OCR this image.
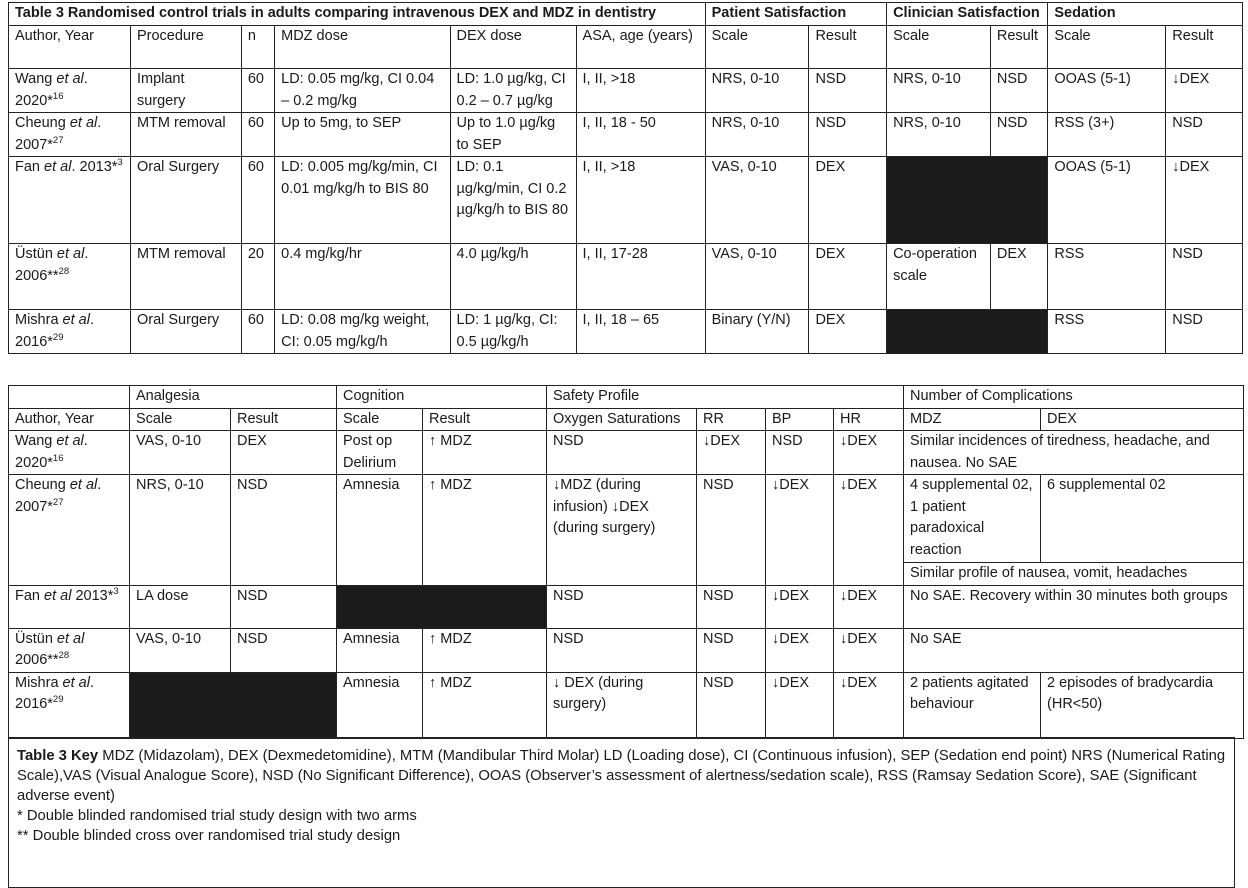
Table 3 Randomised control trials in adults comparing intravenous DEX and MDZ in dentistry						Patient Satisfaction		Clinician Satisfaction		Sedation	
Author, Year	Procedure	n	MDZ dose	DEX dose	ASA, age (years)	Scale	Result	Scale	Result	Scale	Result
Wang et al. 2020*$^{16}$	Implant surgery	60	LD: 0.05 mg/kg, CI 0.04 – 0.2 mg/kg	LD: 1.0 µg/kg, CI 0.2 – 0.7 µg/kg	I, II, >18	NRS, 0-10	NSD	NRS, 0-10	NSD	OOAS (5-1)	↓DEX
Cheung et al. 2007*$^{27}$	MTM removal	60	Up to 5mg, to SEP	Up to 1.0 µg/kg to SEP	I, II, 18 - 50	NRS, 0-10	NSD	NRS, 0-10	NSD	RSS (3+)	NSD
Fan et al. 2013*$^3$	Oral Surgery	60	LD: 0.005 mg/kg/min, CI 0.01 mg/kg/h to BIS 80	LD: 0.1 µg/kg/min, CI 0.2 µg/kg/h to BIS 80	I, II, >18	VAS, 0-10	DEX			OOAS (5-1)	↓DEX
Üstün et al. 2006**$^{28}$	MTM removal	20	0.4 mg/kg/hr	4.0 µg/kg/h	I, II, 17-28	VAS, 0-10	DEX	Co-operation scale	DEX	RSS	NSD
Mishra et al. 2016*$^{29}$	Oral Surgery	60	LD: 0.08 mg/kg weight, CI: 0.05 mg/kg/h	LD: 1 µg/kg, CI: 0.5 µg/kg/h	I, II, 18 – 65	Binary (Y/N)	DEX			RSS	NSD
	Analgesia		Cognition		Safety Profile				Number of Complications	
Author, Year	Scale	Result	Scale	Result	Oxygen Saturations	RR	BP	HR	MDZ	DEX
Wang et al. 2020*$^{16}$	VAS, 0-10	DEX	Post op Delirium	↑ MDZ	NSD	↓DEX	NSD	↓DEX	Similar incidences of tiredness, headache, and nausea. No SAE	
Cheung et al. 2007*$^{27}$	NRS, 0-10	NSD	Amnesia	↑ MDZ	↓MDZ (during infusion) ↓DEX (during surgery)	NSD	↓DEX	↓DEX	4 supplemental 02, 1 patient paradoxical reaction	6 supplemental 02
									Similar profile of nausea, vomit, headaches	
Fan et al 2013*$^3$	LA dose	NSD			NSD	NSD	↓DEX	↓DEX	No SAE. Recovery within 30 minutes both groups	
Üstün et al 2006**$^{28}$	VAS, 0-10	NSD	Amnesia	↑ MDZ	NSD	NSD	↓DEX	↓DEX	No SAE	
Mishra et al. 2016*$^{29}$			Amnesia	↑ MDZ	↓ DEX (during surgery)	NSD	↓DEX	↓DEX	2 patients agitated behaviour	2 episodes of bradycardia (HR<50)

Table 3 Key MDZ (Midazolam), DEX (Dexmedetomidine), MTM (Mandibular Third Molar) LD (Loading dose), CI (Continuous infusion), SEP (Sedation end point) NRS (Numerical Rating Scale),VAS (Visual Analogue Score), NSD (No Significant Difference), OOAS (Observer’s assessment of alertness/sedation scale), RSS (Ramsay Sedation Score), SAE (Significant adverse event)

* Double blinded randomised trial study design with two arms

** Double blinded cross over randomised trial study design
